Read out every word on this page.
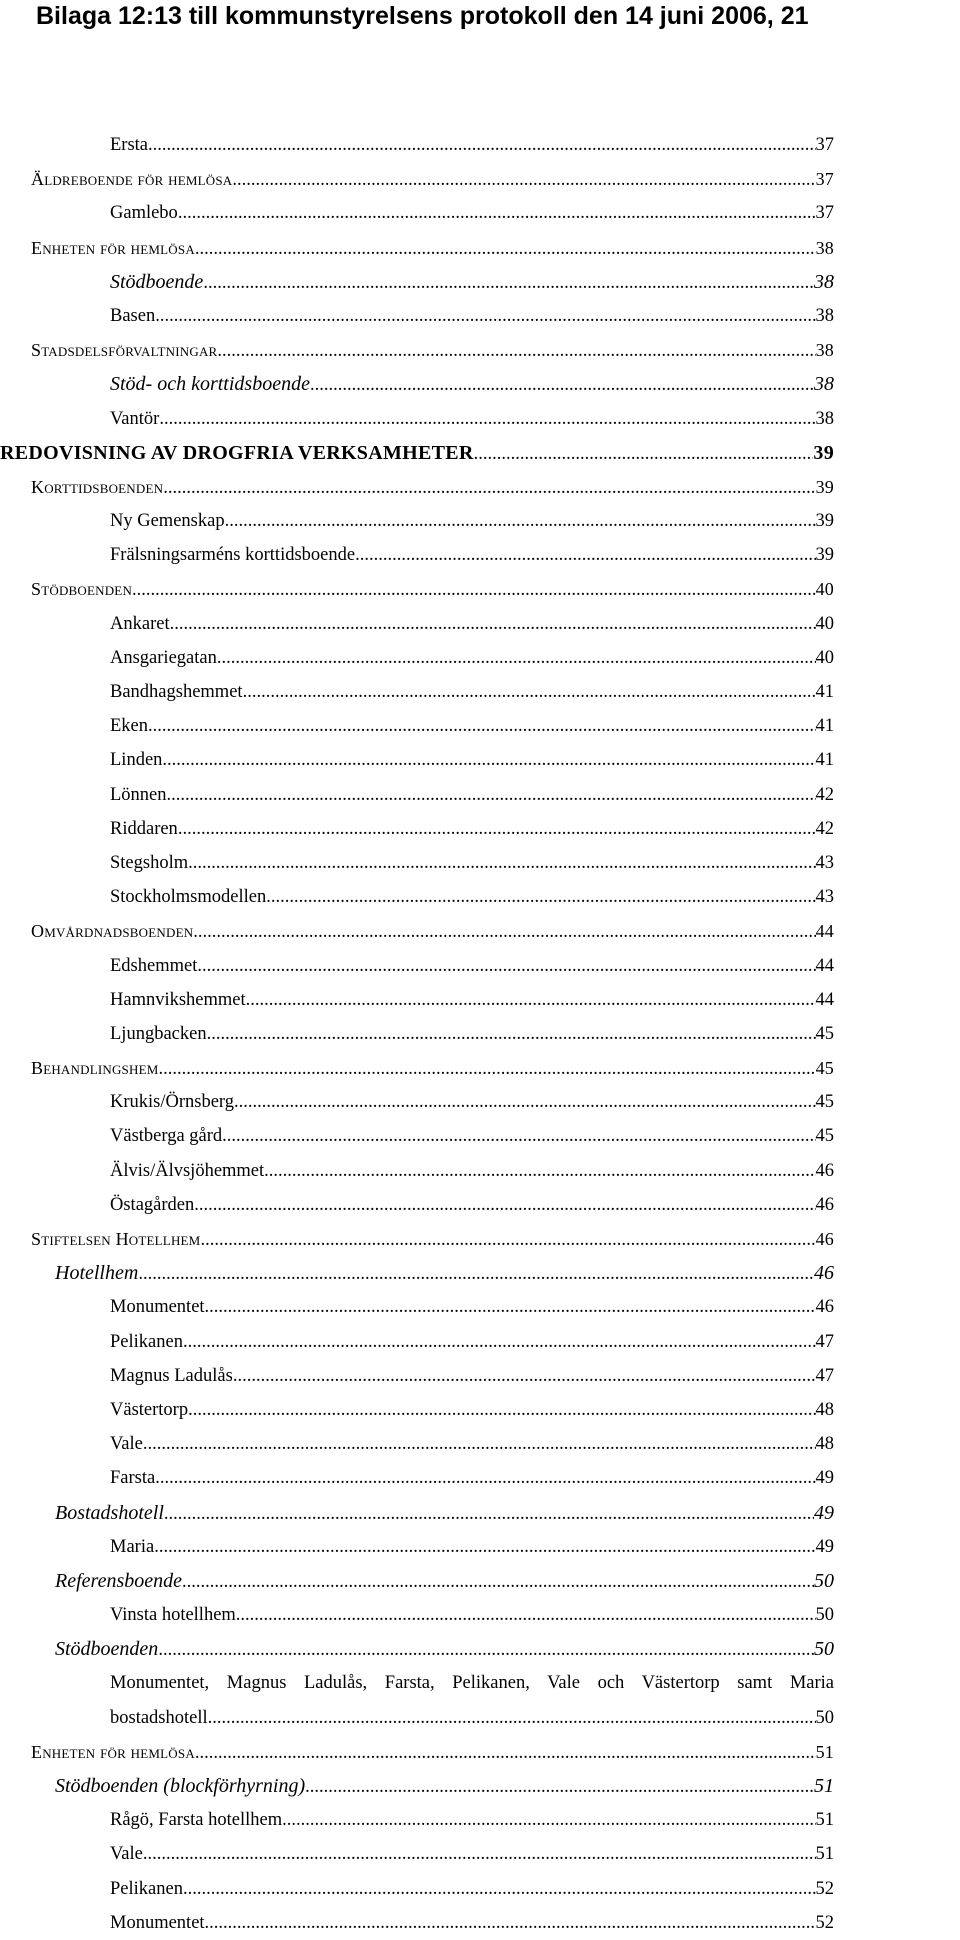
Bilaga 12:13 till kommunstyrelsens protokoll den 14 juni 2006, 21
Ersta .....	37
Äldreboende för hemlösa .....	37
Gamlebo .....	37
Enheten för hemlösa .....	38
Stödboende .....	38
Basen .....	38
Stadsdelsförvaltningar .....	38
Stöd- och korttidsboende .....	38
Vantör .....	38
REDOVISNING AV DROGFRIA VERKSAMHETER .....	39
Korttidsboenden .....	39
Ny Gemenskap .....	39
Frälsningsarméns korttidsboende .....	39
Stödboenden .....	40
Ankaret .....	40
Ansgariegatan .....	40
Bandhagshemmet .....	41
Eken .....	41
Linden .....	41
Lönnen .....	42
Riddaren .....	42
Stegsholm .....	43
Stockholmsmodellen .....	43
Omvårdnadsboenden .....	44
Edshemmet .....	44
Hamnvikshemmet .....	44
Ljungbacken .....	45
Behandlingshem .....	45
Krukis/Örnsberg .....	45
Västberga gård .....	45
Älvis/Älvsjöhemmet .....	46
Östagården .....	46
Stiftelsen Hotellhem .....	46
Hotellhem .....	46
Monumentet .....	46
Pelikanen .....	47
Magnus Ladulås .....	47
Västertorp .....	48
Vale .....	48
Farsta .....	49
Bostadshotell .....	49
Maria .....	49
Referensboende .....	50
Vinsta hotellhem .....	50
Stödboenden .....	50
Monumentet, Magnus Ladulås, Farsta, Pelikanen, Vale och Västertorp samt Maria
bostadshotell .....	50
Enheten för hemlösa .....	51
Stödboenden (blockförhyrning) .....	51
Rågö, Farsta hotellhem .....	51
Vale .....	51
Pelikanen .....	52
Monumentet .....	52
